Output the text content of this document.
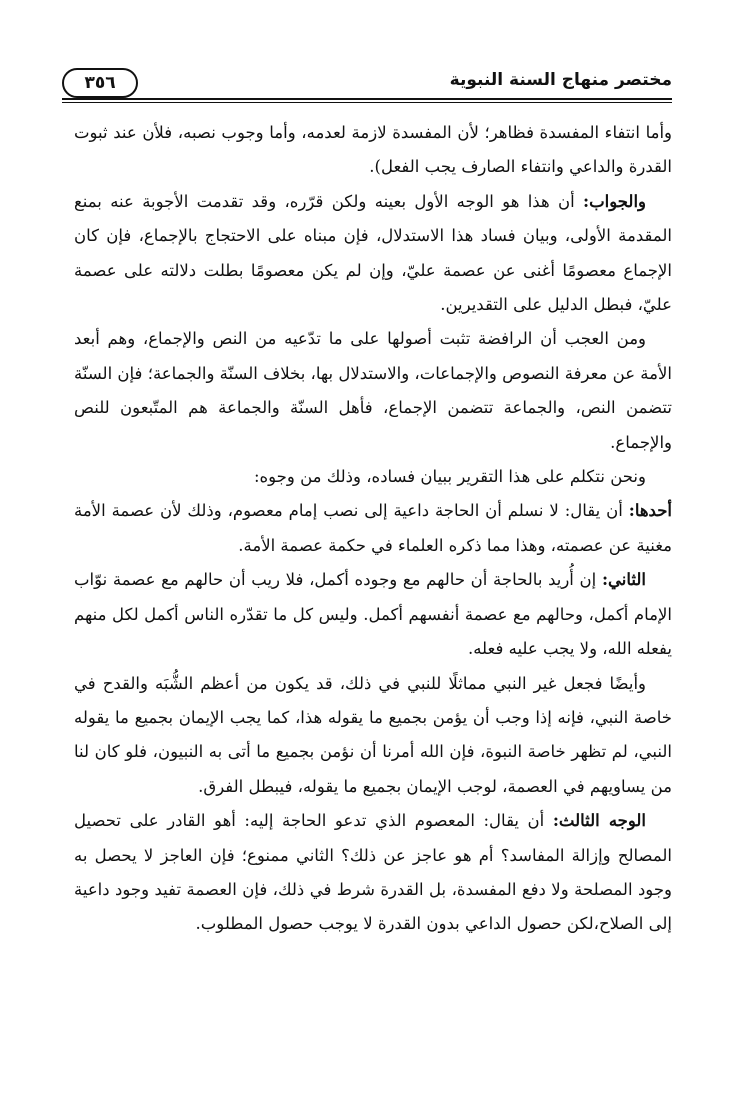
مختصر منهاج السنة النبوية
٣٥٦

وأما انتفاء المفسدة فظاهر؛ لأن المفسدة لازمة لعدمه، وأما وجوب نصبه، فلأن عند ثبوت القدرة والداعي وانتفاء الصارف يجب الفعل).

والجواب: أن هذا هو الوجه الأول بعينه ولكن قرّره، وقد تقدمت الأجوبة عنه بمنع المقدمة الأولى، وبيان فساد هذا الاستدلال، فإن مبناه على الاحتجاج بالإجماع، فإن كان الإجماع معصومًا أغنى عن عصمة عليّ، وإن لم يكن معصومًا بطلت دلالته على عصمة عليّ، فبطل الدليل على التقديرين.

ومن العجب أن الرافضة تثبت أصولها على ما تدّعيه من النص والإجماع، وهم أبعد الأمة عن معرفة النصوص والإجماعات، والاستدلال بها، بخلاف السنّة والجماعة؛ فإن السنّة تتضمن النص، والجماعة تتضمن الإجماع، فأهل السنّة والجماعة هم المتّبعون للنص والإجماع.

ونحن نتكلم على هذا التقرير ببيان فساده، وذلك من وجوه:

أحدها: أن يقال: لا نسلم أن الحاجة داعية إلى نصب إمام معصوم، وذلك لأن عصمة الأمة مغنية عن عصمته، وهذا مما ذكره العلماء في حكمة عصمة الأمة.

الثاني: إن أُريد بالحاجة أن حالهم مع وجوده أكمل، فلا ريب أن حالهم مع عصمة نوّاب الإمام أكمل، وحالهم مع عصمة أنفسهم أكمل. وليس كل ما تقدّره الناس أكمل لكل منهم يفعله الله، ولا يجب عليه فعله.

وأيضًا فجعل غير النبي مماثلًا للنبي في ذلك، قد يكون من أعظم الشُّبَه والقدح في خاصة النبي، فإنه إذا وجب أن يؤمن بجميع ما يقوله هذا، كما يجب الإيمان بجميع ما يقوله النبي، لم تظهر خاصة النبوة، فإن الله أمرنا أن نؤمن بجميع ما أتى به النبيون، فلو كان لنا من يساويهم في العصمة، لوجب الإيمان بجميع ما يقوله، فيبطل الفرق.

الوجه الثالث: أن يقال: المعصوم الذي تدعو الحاجة إليه: أهو القادر على تحصيل المصالح وإزالة المفاسد؟ أم هو عاجز عن ذلك؟ الثاني ممنوع؛ فإن العاجز لا يحصل به وجود المصلحة ولا دفع المفسدة، بل القدرة شرط في ذلك، فإن العصمة تفيد وجود داعية إلى الصلاح،لكن حصول الداعي بدون القدرة لا يوجب حصول المطلوب.
